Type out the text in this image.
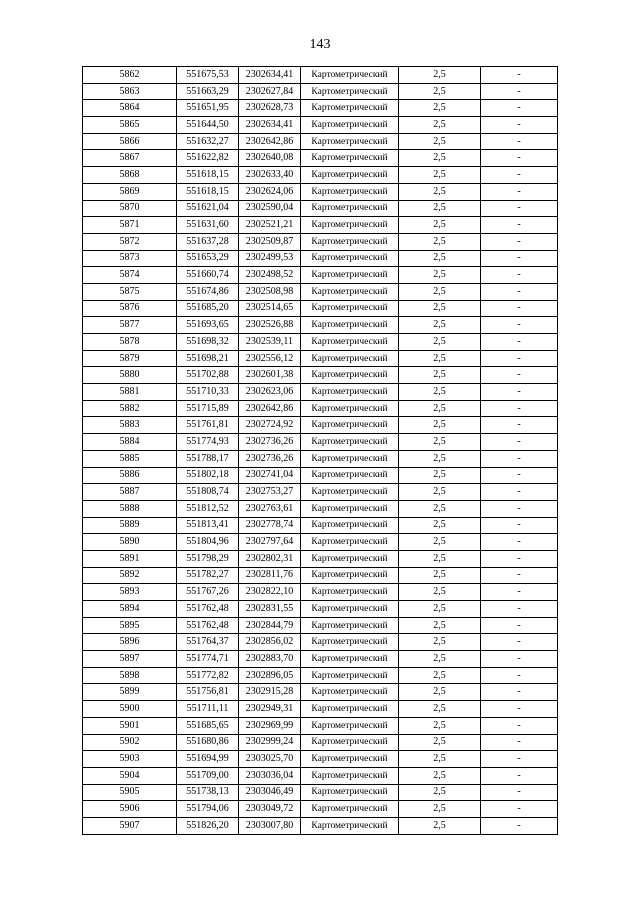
143
5862	551675,53	2302634,41	Картометрический	2,5	-
5863	551663,29	2302627,84	Картометрический	2,5	-
5864	551651,95	2302628,73	Картометрический	2,5	-
5865	551644,50	2302634,41	Картометрический	2,5	-
5866	551632,27	2302642,86	Картометрический	2,5	-
5867	551622,82	2302640,08	Картометрический	2,5	-
5868	551618,15	2302633,40	Картометрический	2,5	-
5869	551618,15	2302624,06	Картометрический	2,5	-
5870	551621,04	2302590,04	Картометрический	2,5	-
5871	551631,60	2302521,21	Картометрический	2,5	-
5872	551637,28	2302509,87	Картометрический	2,5	-
5873	551653,29	2302499,53	Картометрический	2,5	-
5874	551660,74	2302498,52	Картометрический	2,5	-
5875	551674,86	2302508,98	Картометрический	2,5	-
5876	551685,20	2302514,65	Картометрический	2,5	-
5877	551693,65	2302526,88	Картометрический	2,5	-
5878	551698,32	2302539,11	Картометрический	2,5	-
5879	551698,21	2302556,12	Картометрический	2,5	-
5880	551702,88	2302601,38	Картометрический	2,5	-
5881	551710,33	2302623,06	Картометрический	2,5	-
5882	551715,89	2302642,86	Картометрический	2,5	-
5883	551761,81	2302724,92	Картометрический	2,5	-
5884	551774,93	2302736,26	Картометрический	2,5	-
5885	551788,17	2302736,26	Картометрический	2,5	-
5886	551802,18	2302741,04	Картометрический	2,5	-
5887	551808,74	2302753,27	Картометрический	2,5	-
5888	551812,52	2302763,61	Картометрический	2,5	-
5889	551813,41	2302778,74	Картометрический	2,5	-
5890	551804,96	2302797,64	Картометрический	2,5	-
5891	551798,29	2302802,31	Картометрический	2,5	-
5892	551782,27	2302811,76	Картометрический	2,5	-
5893	551767,26	2302822,10	Картометрический	2,5	-
5894	551762,48	2302831,55	Картометрический	2,5	-
5895	551762,48	2302844,79	Картометрический	2,5	-
5896	551764,37	2302856,02	Картометрический	2,5	-
5897	551774,71	2302883,70	Картометрический	2,5	-
5898	551772,82	2302896,05	Картометрический	2,5	-
5899	551756,81	2302915,28	Картометрический	2,5	-
5900	551711,11	2302949,31	Картометрический	2,5	-
5901	551685,65	2302969,99	Картометрический	2,5	-
5902	551680,86	2302999,24	Картометрический	2,5	-
5903	551694,99	2303025,70	Картометрический	2,5	-
5904	551709,00	2303036,04	Картометрический	2,5	-
5905	551738,13	2303046,49	Картометрический	2,5	-
5906	551794,06	2303049,72	Картометрический	2,5	-
5907	551826,20	2303007,80	Картометрический	2,5	-
